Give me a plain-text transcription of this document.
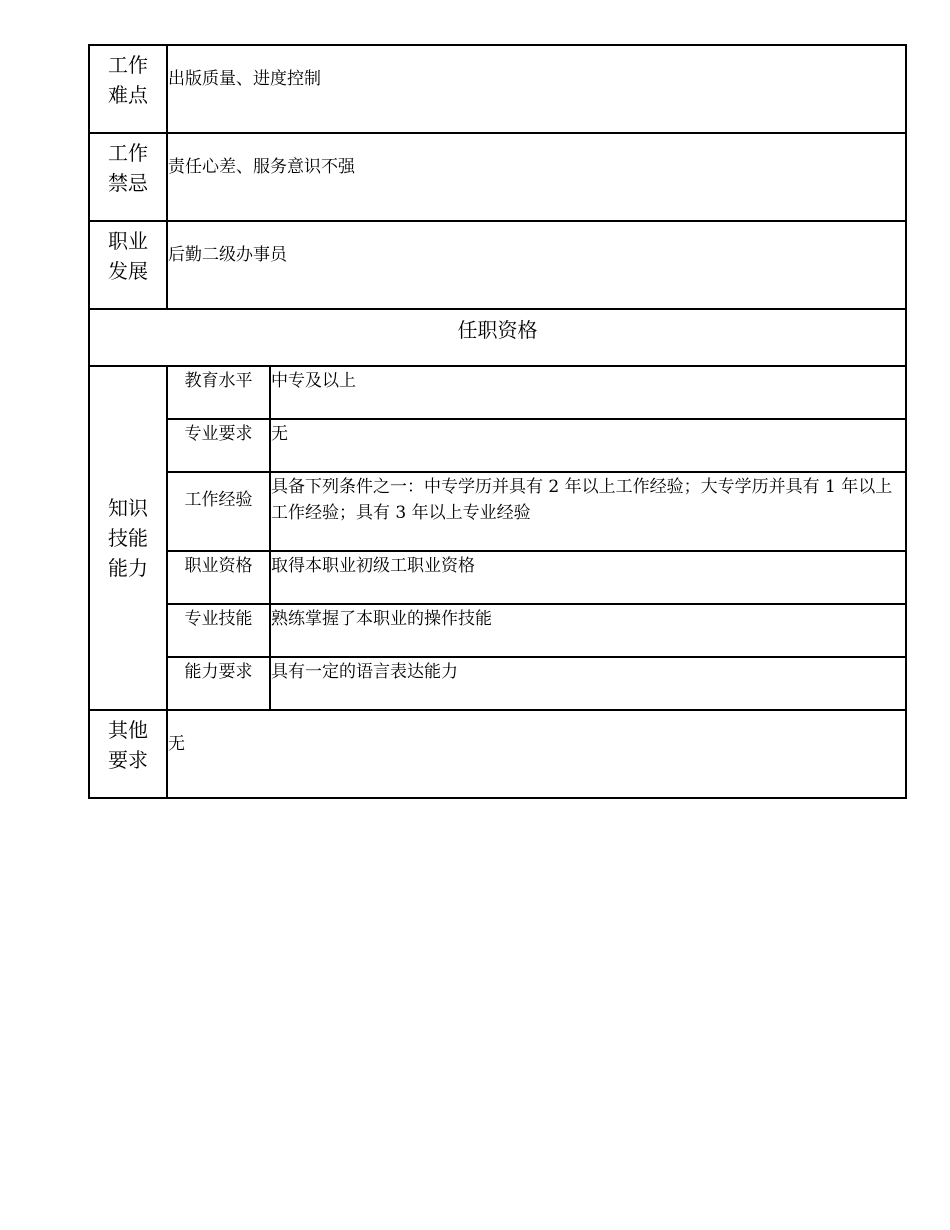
工作
难点	出版质量、进度控制	

工作
禁忌	责任心差、服务意识不强	

职业
发展	后勤二级办事员	
任职资格		

知识
技能
能力	教育水平	中专及以上
	专业要求	无
	工作经验	具备下列条件之一：中专学历并具有 2 年以上工作经验；大专学历并具有 1 年以上工作经验；具有 3 年以上专业经验
	职业资格	取得本职业初级工职业资格
	专业技能	熟练掌握了本职业的操作技能
	能力要求	具有一定的语言表达能力

其他
要求	无	
